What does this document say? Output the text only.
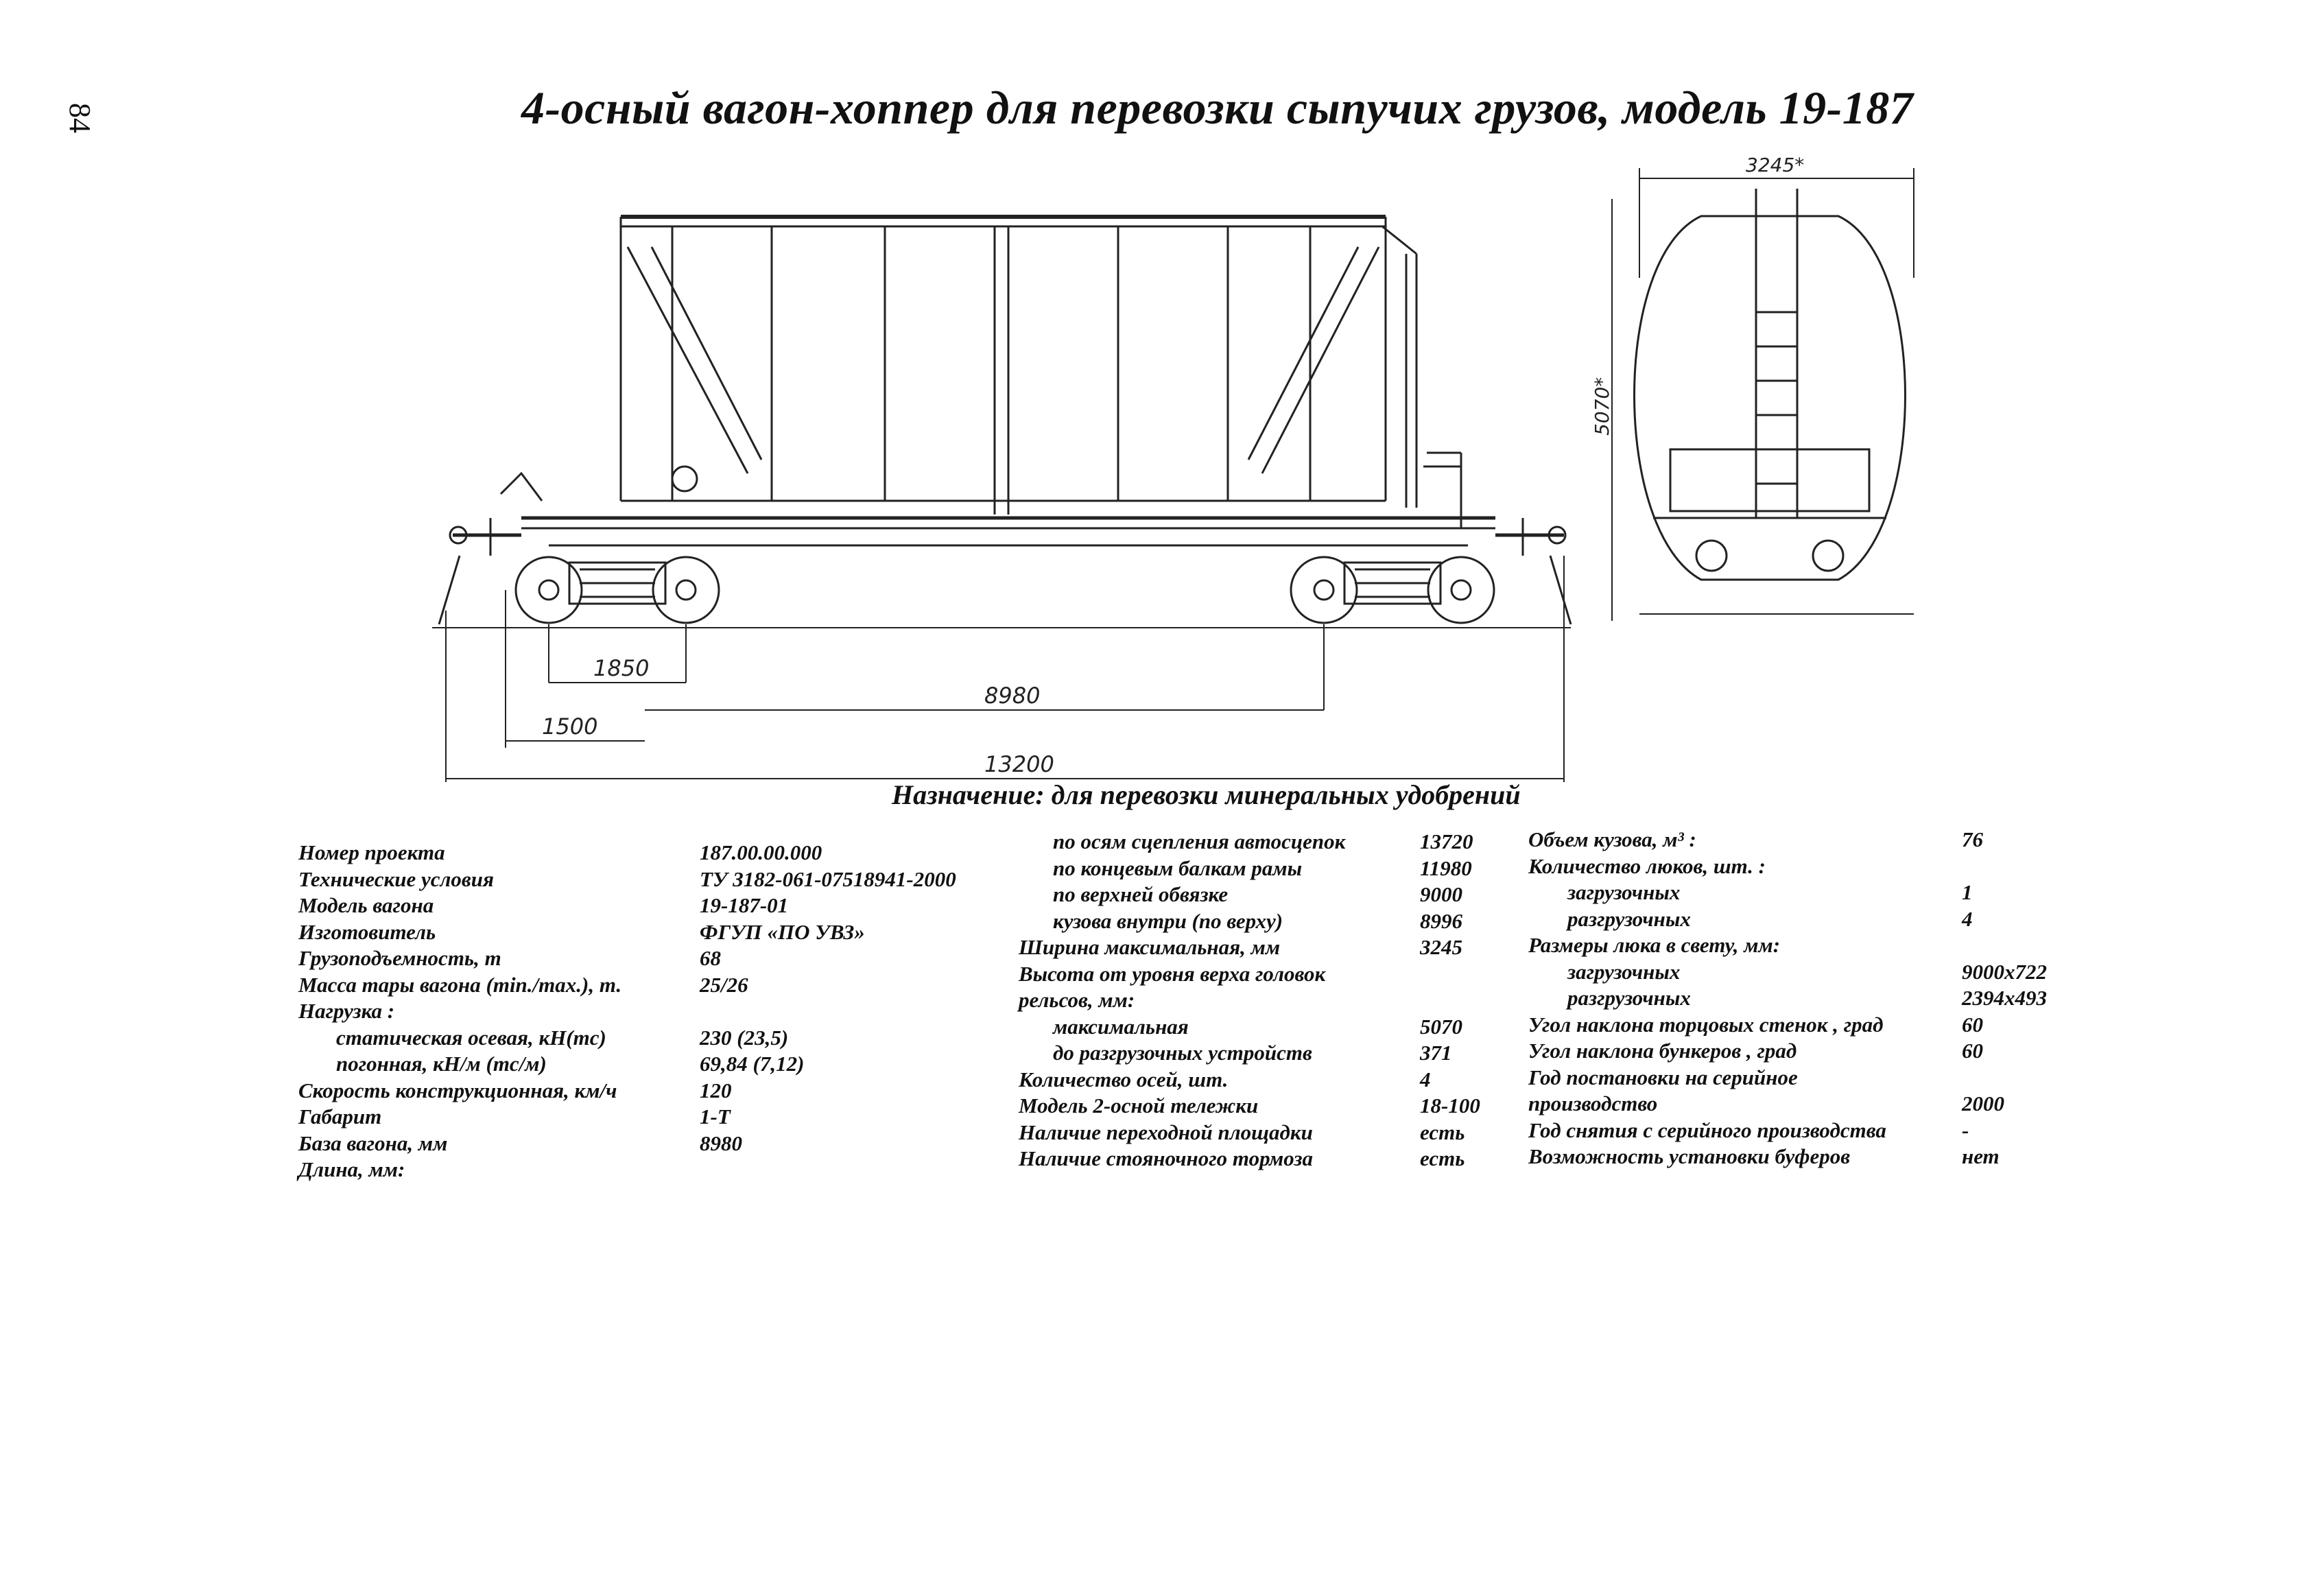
84	4-осный вагон-хоппер для перевозки сыпучих грузов, модель 19-187
1850
1500
8980
13200
3245*
5070*
Назначение: для перевозки минеральных удобрений
Номер проекта	187.00.00.000
Технические условия	ТУ 3182-061-07518941-2000
Модель вагона	19-187-01
Изготовитель	ФГУП «ПО УВЗ»
Грузоподъемность, т	68
Масса тары вагона (min./max.), т.	25/26
Нагрузка :
статическая осевая, кН(тс)	230 (23,5)
погонная, кН/м (тс/м)	69,84 (7,12)
Скорость конструкционная, км/ч	120
Габарит	1-Т
База вагона, мм	8980
Длина, мм:
по осям сцепления автосцепок	13720
по концевым балкам рамы	11980
по верхней обвязке	9000
кузова внутри (по верху)	8996
Ширина максимальная, мм	3245
Высота от уровня верха головок
рельсов, мм:
максимальная	5070
до разгрузочных устройств	371
Количество осей, шт.	4
Модель 2-осной тележки	18-100
Наличие переходной площадки	есть
Наличие стояночного тормоза	есть
Объем кузова, м³ :	76
Количество люков, шт. :
загрузочных	1
разгрузочных	4
Размеры люка в свету, мм:
загрузочных	9000х722
разгрузочных	2394х493
Угол наклона торцовых стенок , град	60
Угол наклона бункеров , град	60
Год постановки на серийное
производство	2000
Год снятия с серийного производства	-
Возможность установки буферов	нет
